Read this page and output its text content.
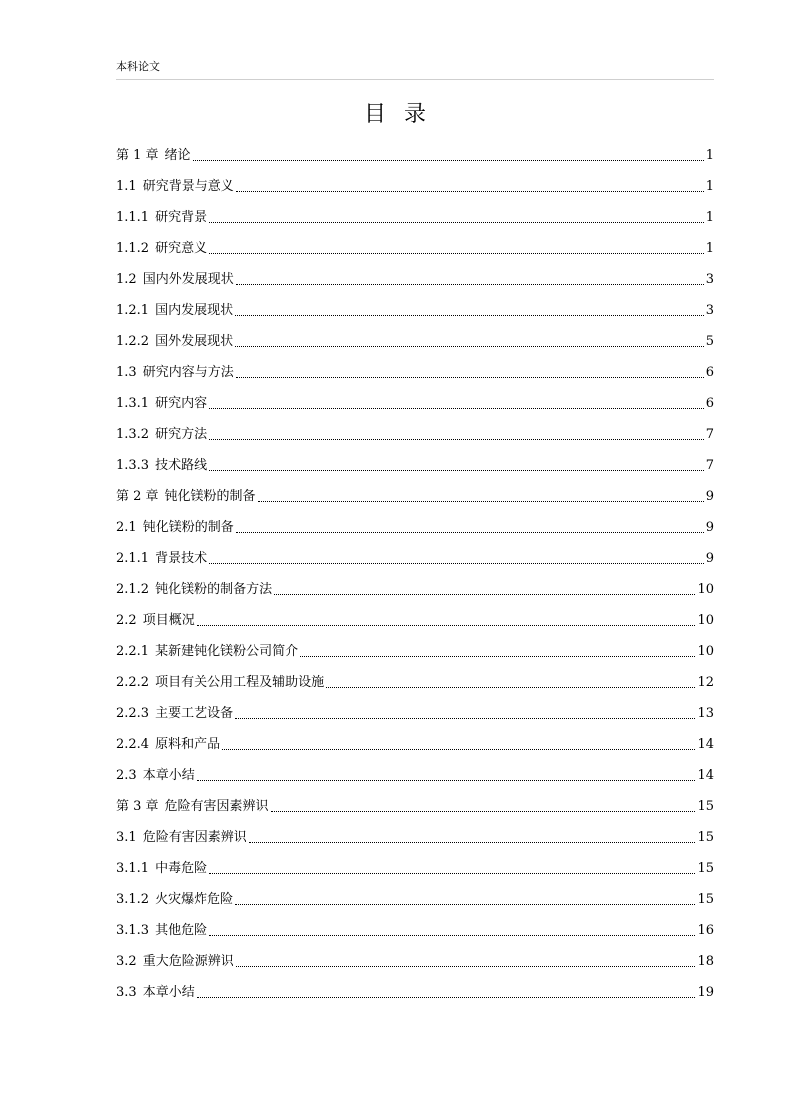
本科论文
目录
第 1 章 绪论	1
1.1 研究背景与意义	1
1.1.1 研究背景	1
1.1.2 研究意义	1
1.2 国内外发展现状	3
1.2.1 国内发展现状	3
1.2.2 国外发展现状	5
1.3 研究内容与方法	6
1.3.1 研究内容	6
1.3.2 研究方法	7
1.3.3 技术路线	7
第 2 章 钝化镁粉的制备	9
2.1 钝化镁粉的制备	9
2.1.1 背景技术	9
2.1.2 钝化镁粉的制备方法	10
2.2 项目概况	10
2.2.1 某新建钝化镁粉公司简介	10
2.2.2 项目有关公用工程及辅助设施	12
2.2.3 主要工艺设备	13
2.2.4 原料和产品	14
2.3 本章小结	14
第 3 章 危险有害因素辨识	15
3.1 危险有害因素辨识	15
3.1.1 中毒危险	15
3.1.2 火灾爆炸危险	15
3.1.3 其他危险	16
3.2 重大危险源辨识	18
3.3 本章小结	19
